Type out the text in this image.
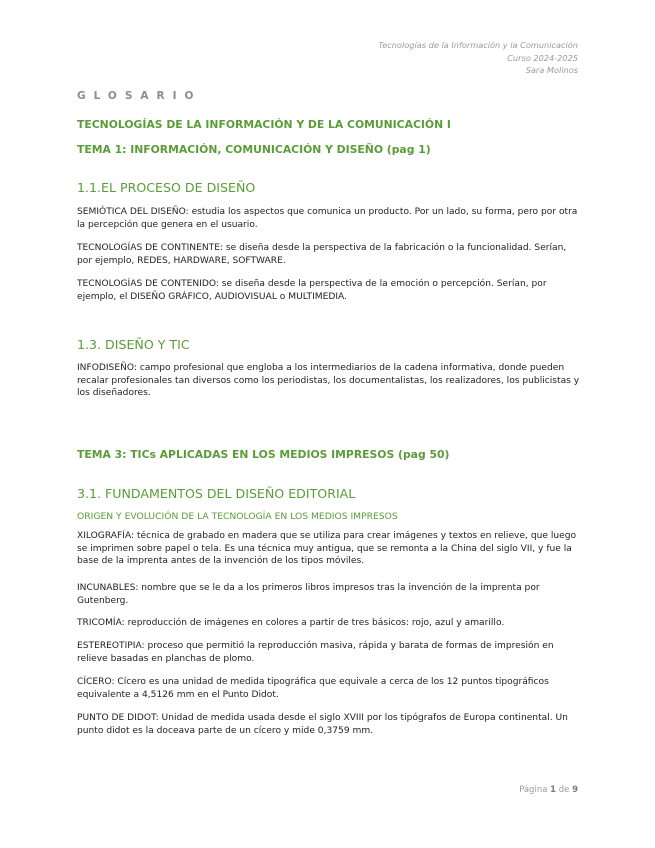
Tecnologías de la Información y la Comunicación
Curso 2024-2025
Sara Molinos
GLOSARIO
TECNOLOGÍAS DE LA INFORMACIÓN Y DE LA COMUNICACIÓN I
TEMA 1: INFORMACIÓN, COMUNICACIÓN Y DISEÑO (pag 1)
1.1.EL PROCESO DE DISEÑO

SEMIÓTICA DEL DISEÑO: estudia los aspectos que comunica un producto. Por un lado, su forma, pero por otra la percepción que genera en el usuario.

TECNOLOGÍAS DE CONTINENTE: se diseña desde la perspectiva de la fabricación o la funcionalidad. Serían, por ejemplo, REDES, HARDWARE, SOFTWARE.

TECNOLOGÍAS DE CONTENIDO: se diseña desde la perspectiva de la emoción o percepción. Serían, por ejemplo, el DISEÑO GRÁFICO, AUDIOVISUAL o MULTIMEDIA.

1.3. DISEÑO Y TIC

INFODISEÑO: campo profesional que engloba a los intermediarios de la cadena informativa, donde pueden recalar profesionales tan diversos como los periodistas, los documentalistas, los realizadores, los publicistas y los diseñadores.

TEMA 3: TICs APLICADAS EN LOS MEDIOS IMPRESOS (pag 50)
3.1. FUNDAMENTOS DEL DISEÑO EDITORIAL
ORIGEN Y EVOLUCIÓN DE LA TECNOLOGÍA EN LOS MEDIOS IMPRESOS

XILOGRAFÍA: técnica de grabado en madera que se utiliza para crear imágenes y textos en relieve, que luego se imprimen sobre papel o tela. Es una técnica muy antigua, que se remonta a la China del siglo VII, y fue la base de la imprenta antes de la invención de los tipos móviles.

INCUNABLES: nombre que se le da a los primeros libros impresos tras la invención de la imprenta por Gutenberg.

TRICOMÍA: reproducción de imágenes en colores a partir de tres básicos: rojo, azul y amarillo.

ESTEREOTIPIA: proceso que permitió la reproducción masiva, rápida y barata de formas de impresión en relieve basadas en planchas de plomo.

CÍCERO: Cícero es una unidad de medida tipográfica que equivale a cerca de los 12 puntos tipográficos equivalente a 4,5126 mm en el Punto Didot.

PUNTO DE DIDOT: Unidad de medida usada desde el siglo XVIII por los tipógrafos de Europa continental. Un punto didot es la doceava parte de un cícero y mide 0,3759 mm.

Página 1 de 9
